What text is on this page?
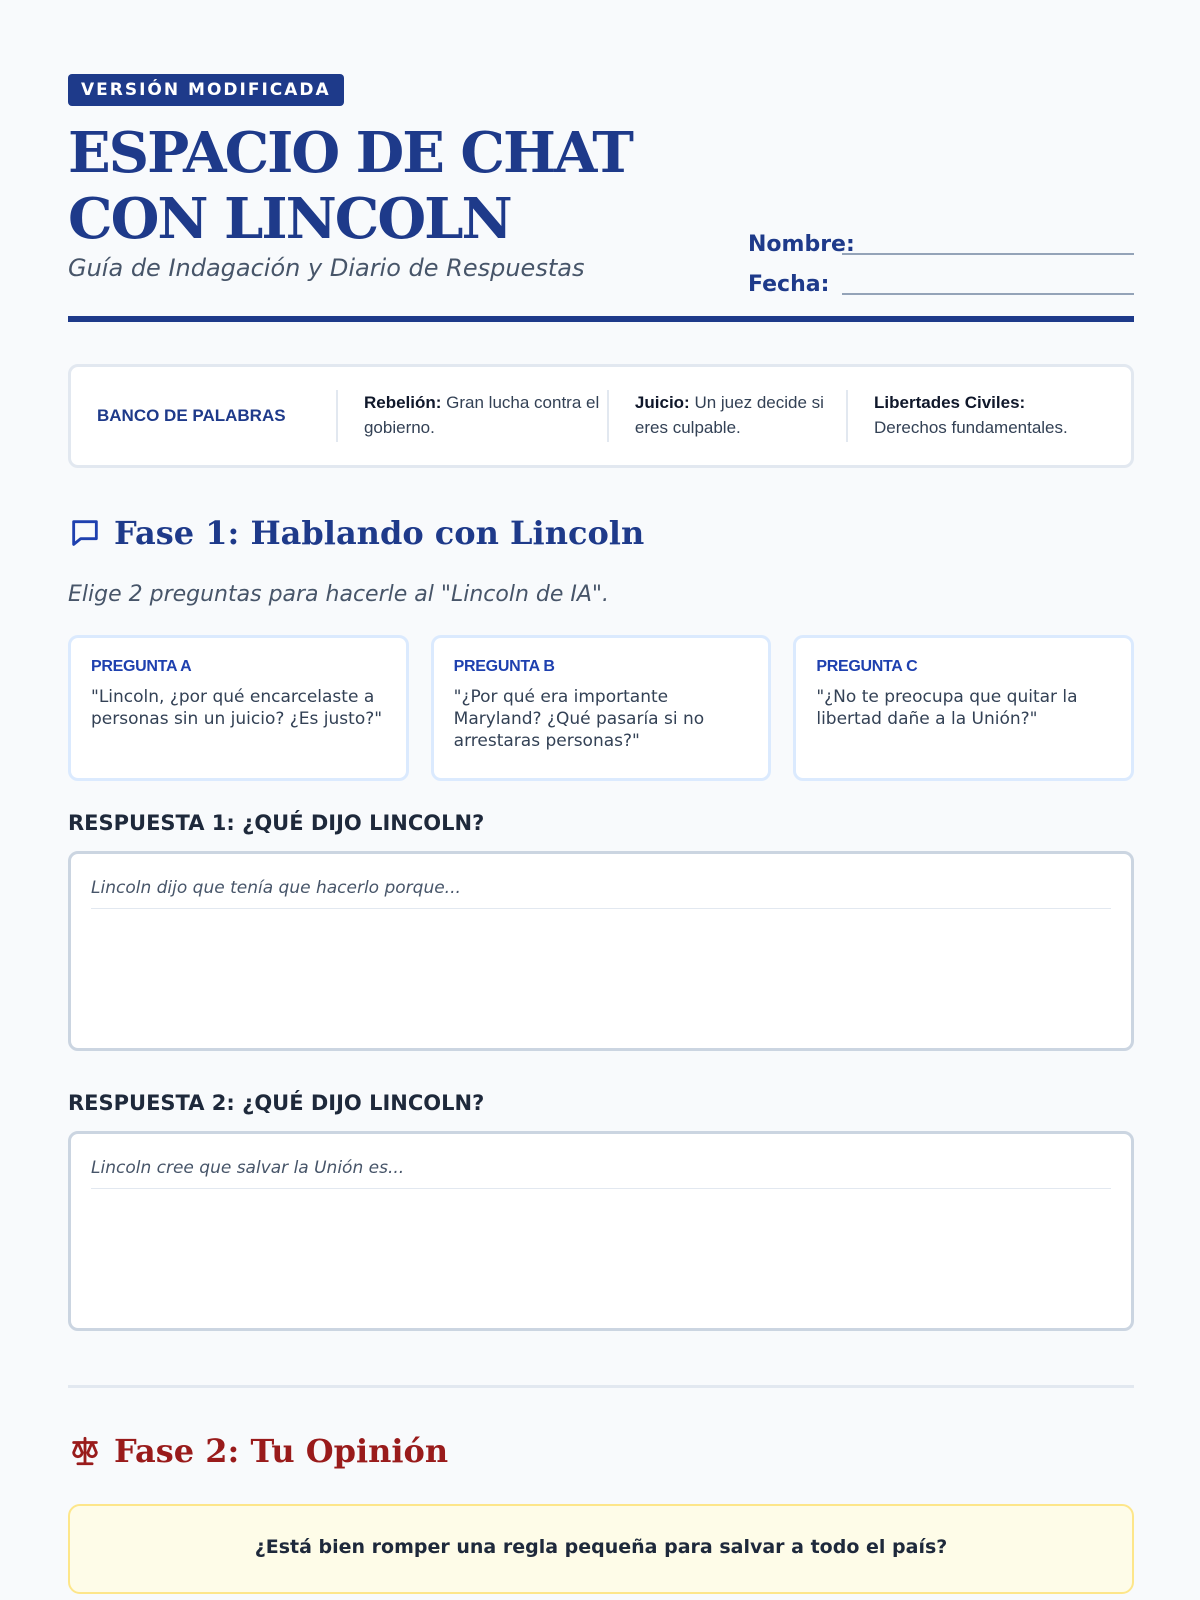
VERSIÓN MODIFICADA
ESPACIO DE CHAT CON LINCOLN
Guía de Indagación y Diario de Respuestas
Nombre:
Fecha:
BANCO DE PALABRAS
Rebelión: Gran lucha contra el gobierno.
Juicio: Un juez decide si eres culpable.
Libertades Civiles:
Derechos fundamentales.
Fase 1: Hablando con Lincoln
Elige 2 preguntas para hacerle al "Lincoln de IA".
PREGUNTA A
"Lincoln, ¿por qué encarcelaste a personas sin un juicio? ¿Es justo?"
PREGUNTA B
"¿Por qué era importante Maryland? ¿Qué pasaría si no arrestaras personas?"
PREGUNTA C
"¿No te preocupa que quitar la libertad dañe a la Unión?"
RESPUESTA 1: ¿QUÉ DIJO LINCOLN?
Lincoln dijo que tenía que hacerlo porque...
RESPUESTA 2: ¿QUÉ DIJO LINCOLN?
Lincoln cree que salvar la Unión es...
Fase 2: Tu Opinión
¿Está bien romper una regla pequeña para salvar a todo el país?
